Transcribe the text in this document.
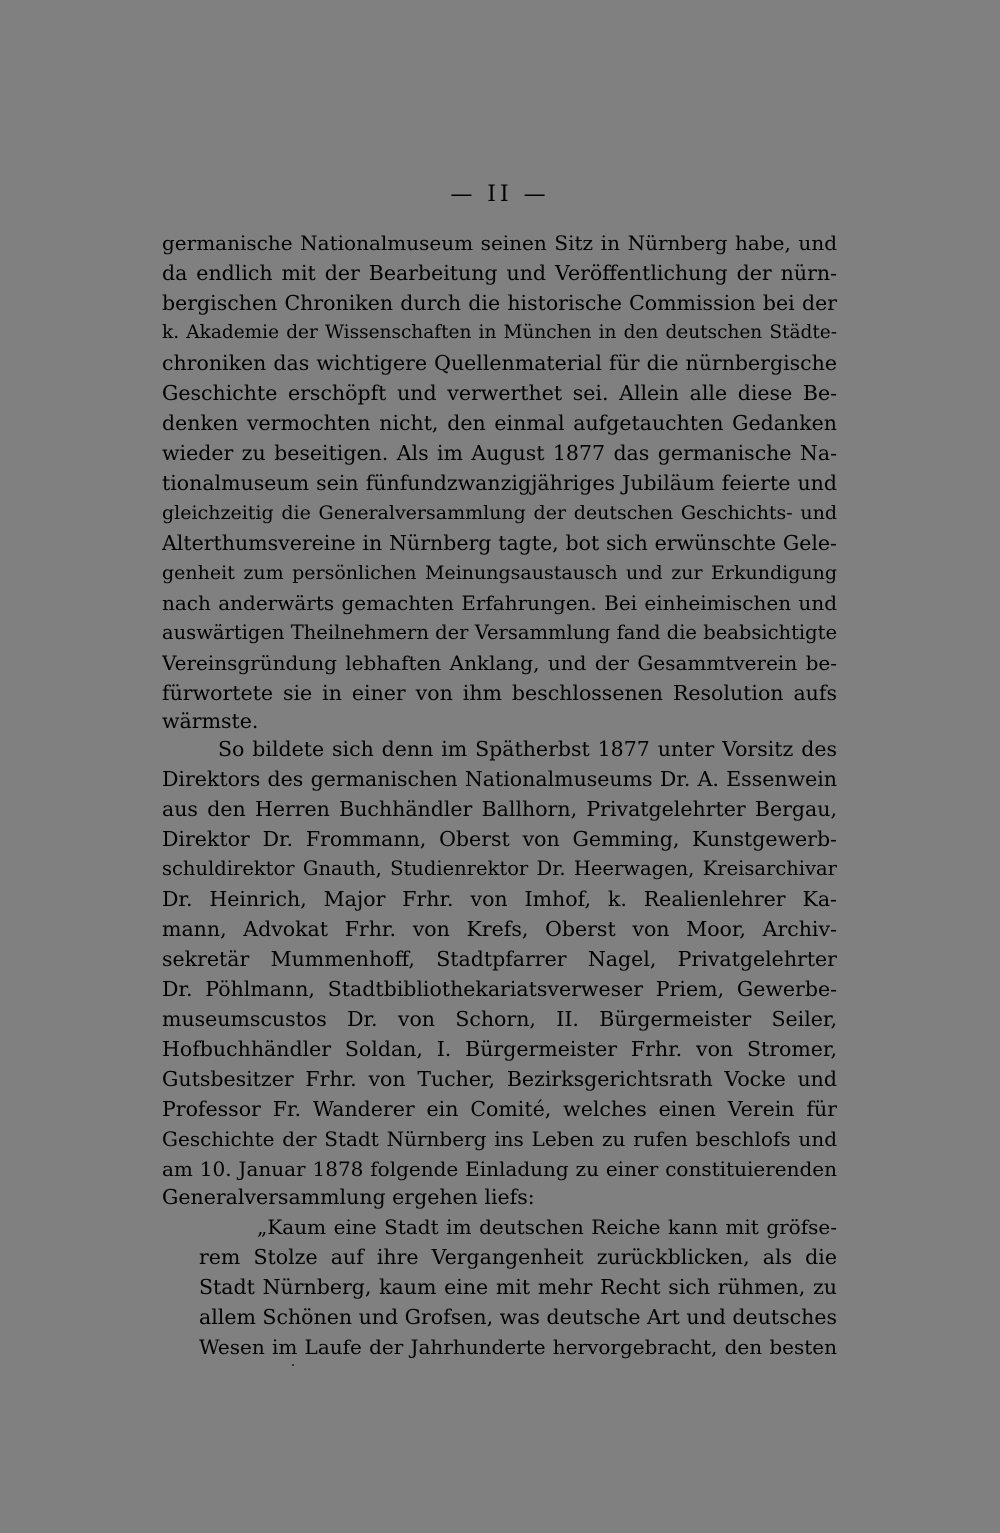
— II —
germanische Nationalmuseum seinen Sitz in Nürnberg habe, und
da endlich mit der Bearbeitung und Veröffentlichung der nürn-
bergischen Chroniken durch die historische Commission bei der
k. Akademie der Wissenschaften in München in den deutschen Städte-
chroniken das wichtigere Quellenmaterial für die nürnbergische
Geschichte erschöpft und verwerthet sei. Allein alle diese Be-
denken vermochten nicht, den einmal aufgetauchten Gedanken
wieder zu beseitigen. Als im August 1877 das germanische Na-
tionalmuseum sein fünfundzwanzigjähriges Jubiläum feierte und
gleichzeitig die Generalversammlung der deutschen Geschichts- und
Alterthumsvereine in Nürnberg tagte, bot sich erwünschte Gele-
genheit zum persönlichen Meinungsaustausch und zur Erkundigung
nach anderwärts gemachten Erfahrungen. Bei einheimischen und
auswärtigen Theilnehmern der Versammlung fand die beabsichtigte
Vereinsgründung lebhaften Anklang, und der Gesammtverein be-
fürwortete sie in einer von ihm beschlossenen Resolution aufs
wärmste.
So bildete sich denn im Spätherbst 1877 unter Vorsitz des
Direktors des germanischen Nationalmuseums Dr. A. Essenwein
aus den Herren Buchhändler Ballhorn, Privatgelehrter Bergau,
Direktor Dr. Frommann, Oberst von Gemming, Kunstgewerb-
schuldirektor Gnauth, Studienrektor Dr. Heerwagen, Kreisarchivar
Dr. Heinrich, Major Frhr. von Imhof, k. Realienlehrer Ka-
mann, Advokat Frhr. von Krefs, Oberst von Moor, Archiv-
sekretär Mummenhoff, Stadtpfarrer Nagel, Privatgelehrter
Dr. Pöhlmann, Stadtbibliothekariatsverweser Priem, Gewerbe-
museumscustos Dr. von Schorn, II. Bürgermeister Seiler,
Hofbuchhändler Soldan, I. Bürgermeister Frhr. von Stromer,
Gutsbesitzer Frhr. von Tucher, Bezirksgerichtsrath Vocke und
Professor Fr. Wanderer ein Comité, welches einen Verein für
Geschichte der Stadt Nürnberg ins Leben zu rufen beschlofs und
am 10. Januar 1878 folgende Einladung zu einer constituierenden
Generalversammlung ergehen liefs:
„Kaum eine Stadt im deutschen Reiche kann mit gröfse-
rem Stolze auf ihre Vergangenheit zurückblicken, als die
Stadt Nürnberg, kaum eine mit mehr Recht sich rühmen, zu
allem Schönen und Grofsen, was deutsche Art und deutsches
Wesen im Laufe der Jahrhunderte hervorgebracht, den besten
